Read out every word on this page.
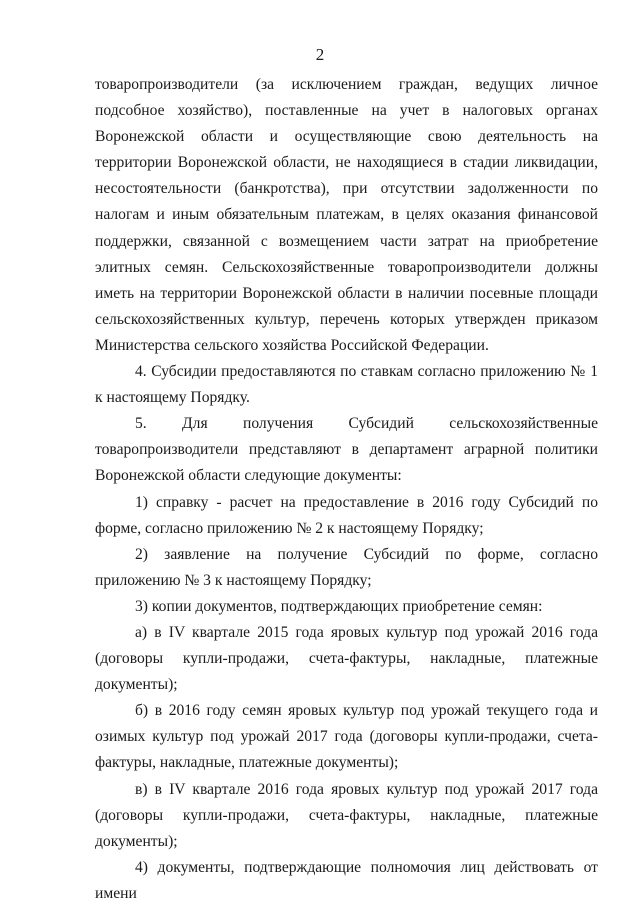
2

товаропроизводители (за исключением граждан, ведущих личное подсобное хозяйство), поставленные на учет в налоговых органах Воронежской области и осуществляющие свою деятельность на территории Воронежской области, не находящиеся в стадии ликвидации, несостоятельности (банкротства), при отсутствии задолженности по налогам и иным обязательным платежам, в целях оказания финансовой поддержки, связанной с возмещением части затрат на приобретение элитных семян. Сельскохозяйственные товаропроизводители должны иметь на территории Воронежской области в наличии посевные площади сельскохозяйственных культур, перечень которых утвержден приказом Министерства сельского хозяйства Российской Федерации.

4. Субсидии предоставляются по ставкам согласно приложению № 1 к настоящему Порядку.

5. Для получения Субсидий сельскохозяйственные товаропроизводители представляют в департамент аграрной политики Воронежской области следующие документы:

1) справку - расчет на предоставление в 2016 году Субсидий по форме, согласно приложению № 2 к настоящему Порядку;

2) заявление на получение Субсидий по форме, согласно приложению № 3 к настоящему Порядку;

3) копии документов, подтверждающих приобретение семян:

а) в IV квартале 2015 года яровых культур под урожай 2016 года (договоры купли-продажи, счета-фактуры, накладные, платежные документы);

б) в 2016 году семян яровых культур под урожай текущего года и озимых культур под урожай 2017 года (договоры купли-продажи, счета-фактуры, накладные, платежные документы);

в) в IV квартале 2016 года яровых культур под урожай 2017 года (договоры купли-продажи, счета-фактуры, накладные, платежные документы);

4) документы, подтверждающие полномочия лиц действовать от имени
